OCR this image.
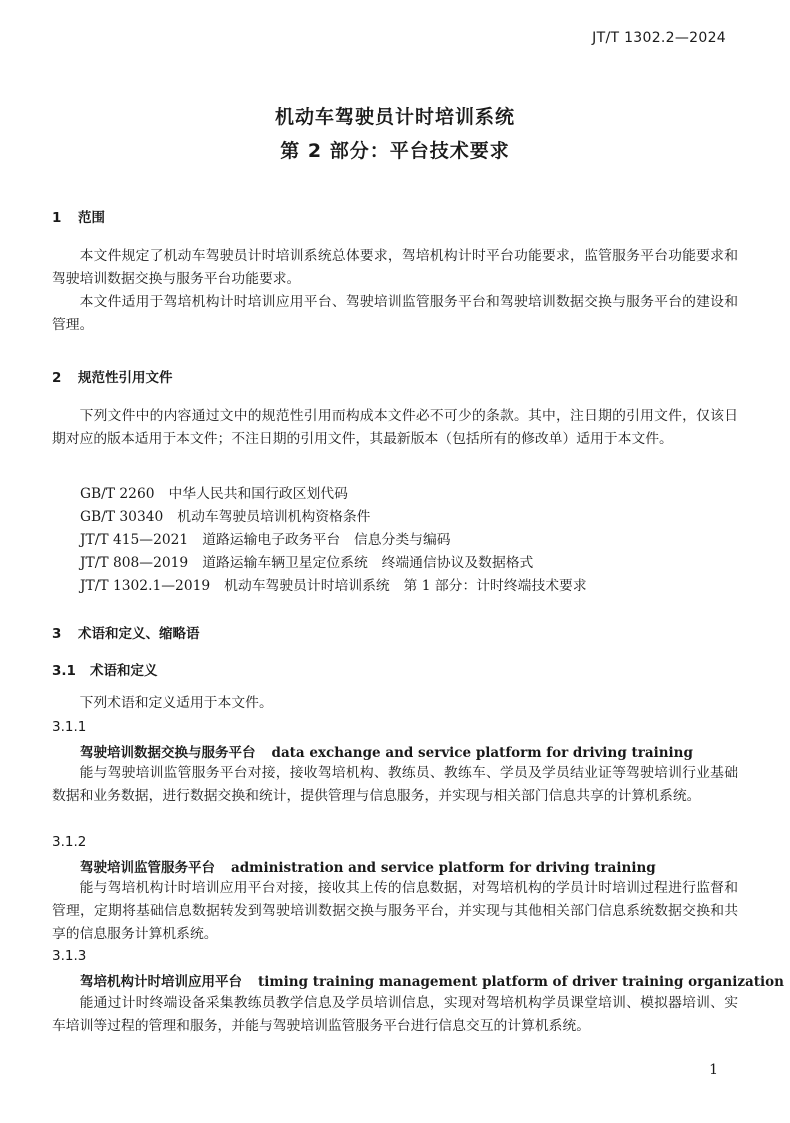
JT/T 1302.2—2024
机动车驾驶员计时培训系统
第 2 部分：平台技术要求
1 范围

本文件规定了机动车驾驶员计时培训系统总体要求，驾培机构计时平台功能要求，监管服务平台功能要求和驾驶培训数据交换与服务平台功能要求。

本文件适用于驾培机构计时培训应用平台、驾驶培训监管服务平台和驾驶培训数据交换与服务平台的建设和管理。

2 规范性引用文件

下列文件中的内容通过文中的规范性引用而构成本文件必不可少的条款。其中，注日期的引用文件，仅该日期对应的版本适用于本文件；不注日期的引用文件，其最新版本（包括所有的修改单）适用于本文件。

GB/T 2260 中华人民共和国行政区划代码
GB/T 30340 机动车驾驶员培训机构资格条件
JT/T 415—2021 道路运输电子政务平台　信息分类与编码
JT/T 808—2019 道路运输车辆卫星定位系统　终端通信协议及数据格式
JT/T 1302.1—2019 机动车驾驶员计时培训系统　第 1 部分：计时终端技术要求
3 术语和定义、缩略语
3.1 术语和定义

下列术语和定义适用于本文件。

3.1.1
驾驶培训数据交换与服务平台 data exchange and service platform for driving training

能与驾驶培训监管服务平台对接，接收驾培机构、教练员、教练车、学员及学员结业证等驾驶培训行业基础数据和业务数据，进行数据交换和统计，提供管理与信息服务，并实现与相关部门信息共享的计算机系统。

3.1.2
驾驶培训监管服务平台 administration and service platform for driving training

能与驾培机构计时培训应用平台对接，接收其上传的信息数据，对驾培机构的学员计时培训过程进行监督和管理，定期将基础信息数据转发到驾驶培训数据交换与服务平台，并实现与其他相关部门信息系统数据交换和共享的信息服务计算机系统。

3.1.3
驾培机构计时培训应用平台 timing training management platform of driver training organization

能通过计时终端设备采集教练员教学信息及学员培训信息，实现对驾培机构学员课堂培训、模拟器培训、实车培训等过程的管理和服务，并能与驾驶培训监管服务平台进行信息交互的计算机系统。

1
